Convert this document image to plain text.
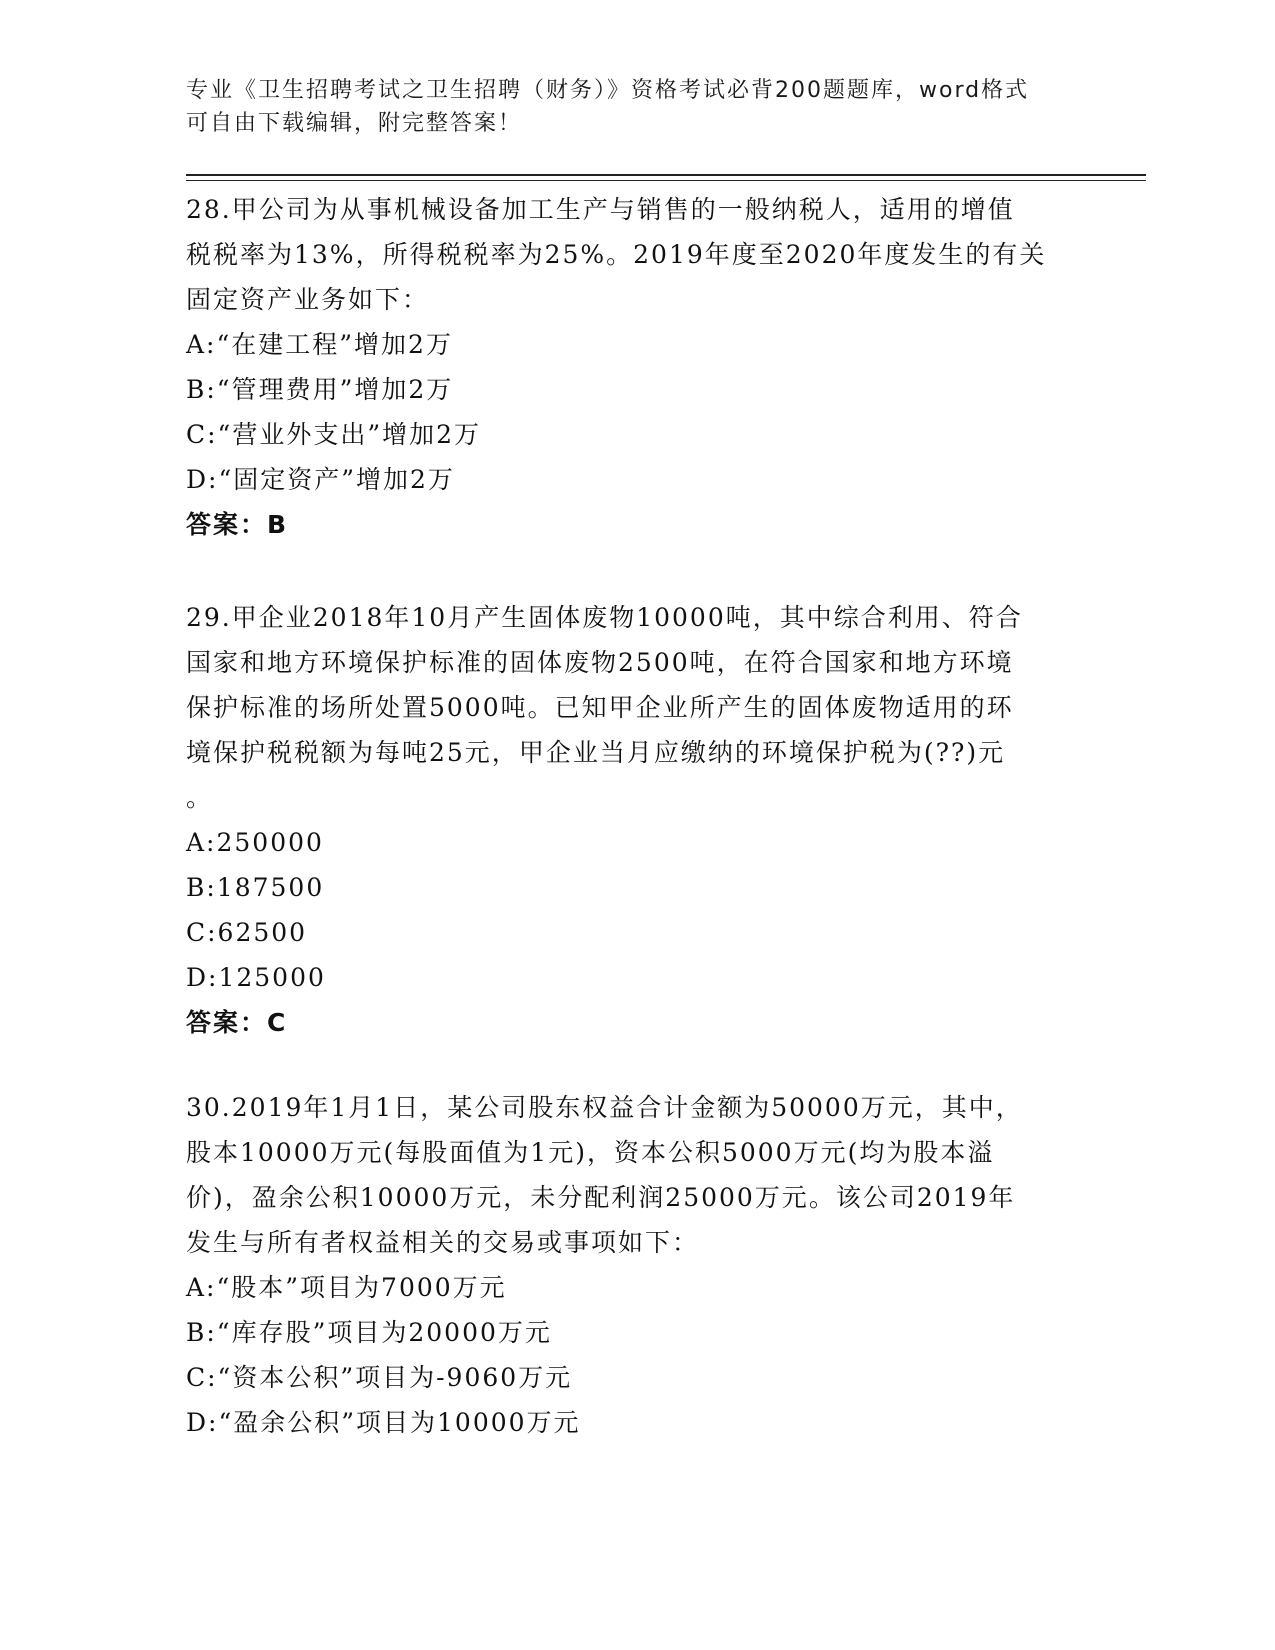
专业《卫生招聘考试之卫生招聘（财务）》资格考试必背200题题库，word格式
可自由下载编辑，附完整答案！

28.甲公司为从事机械设备加工生产与销售的一般纳税人，适用的增值
税税率为13%，所得税税率为25%。2019年度至2020年度发生的有关
固定资产业务如下：

A:“在建工程”增加2万
B:“管理费用”增加2万
C:“营业外支出”增加2万
D:“固定资产”增加2万
答案：B

29.甲企业2018年10月产生固体废物10000吨，其中综合利用、符合
国家和地方环境保护标准的固体废物2500吨，在符合国家和地方环境
保护标准的场所处置5000吨。已知甲企业所产生的固体废物适用的环
境保护税税额为每吨25元，甲企业当月应缴纳的环境保护税为(??)元
。

A:250000
B:187500
C:62500
D:125000
答案：C

30.2019年1月1日，某公司股东权益合计金额为50000万元，其中，
股本10000万元(每股面值为1元)，资本公积5000万元(均为股本溢
价)，盈余公积10000万元，未分配利润25000万元。该公司2019年
发生与所有者权益相关的交易或事项如下：

A:“股本”项目为7000万元
B:“库存股”项目为20000万元
C:“资本公积”项目为-9060万元
D:“盈余公积”项目为10000万元
